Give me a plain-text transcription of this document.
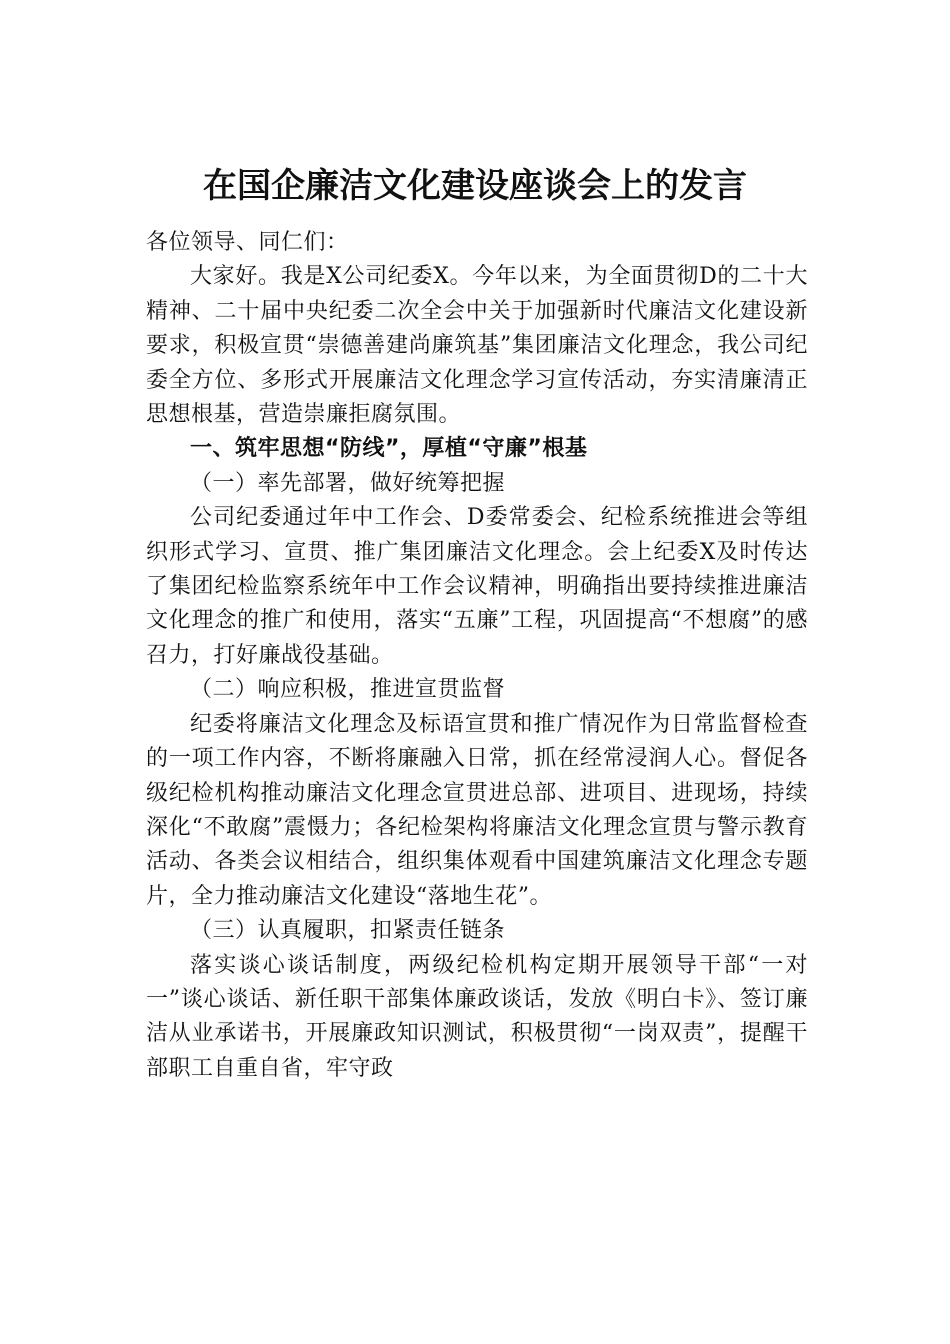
在国企廉洁文化建设座谈会上的发言

各位领导、同仁们：

大家好。我是X公司纪委X。今年以来，为全面贯彻D的二十大精神、二十届中央纪委二次全会中关于加强新时代廉洁文化建设新要求，积极宣贯“崇德善建尚廉筑基”集团廉洁文化理念，我公司纪委全方位、多形式开展廉洁文化理念学习宣传活动，夯实清廉清正思想根基，营造崇廉拒腐氛围。

一、筑牢思想“防线”，厚植“守廉”根基

（一）率先部署，做好统筹把握

公司纪委通过年中工作会、D委常委会、纪检系统推进会等组织形式学习、宣贯、推广集团廉洁文化理念。会上纪委X及时传达了集团纪检监察系统年中工作会议精神，明确指出要持续推进廉洁文化理念的推广和使用，落实“五廉”工程，巩固提高“不想腐”的感召力，打好廉战役基础。

（二）响应积极，推进宣贯监督

纪委将廉洁文化理念及标语宣贯和推广情况作为日常监督检查的一项工作内容，不断将廉融入日常，抓在经常浸润人心。督促各级纪检机构推动廉洁文化理念宣贯进总部、进项目、进现场，持续深化“不敢腐”震慑力；各纪检架构将廉洁文化理念宣贯与警示教育活动、各类会议相结合，组织集体观看中国建筑廉洁文化理念专题片，全力推动廉洁文化建设“落地生花”。

（三）认真履职，扣紧责任链条

落实谈心谈话制度，两级纪检机构定期开展领导干部“一对一”谈心谈话、新任职干部集体廉政谈话，发放《明白卡》、签订廉洁从业承诺书，开展廉政知识测试，积极贯彻“一岗双责”，提醒干部职工自重自省，牢守政
